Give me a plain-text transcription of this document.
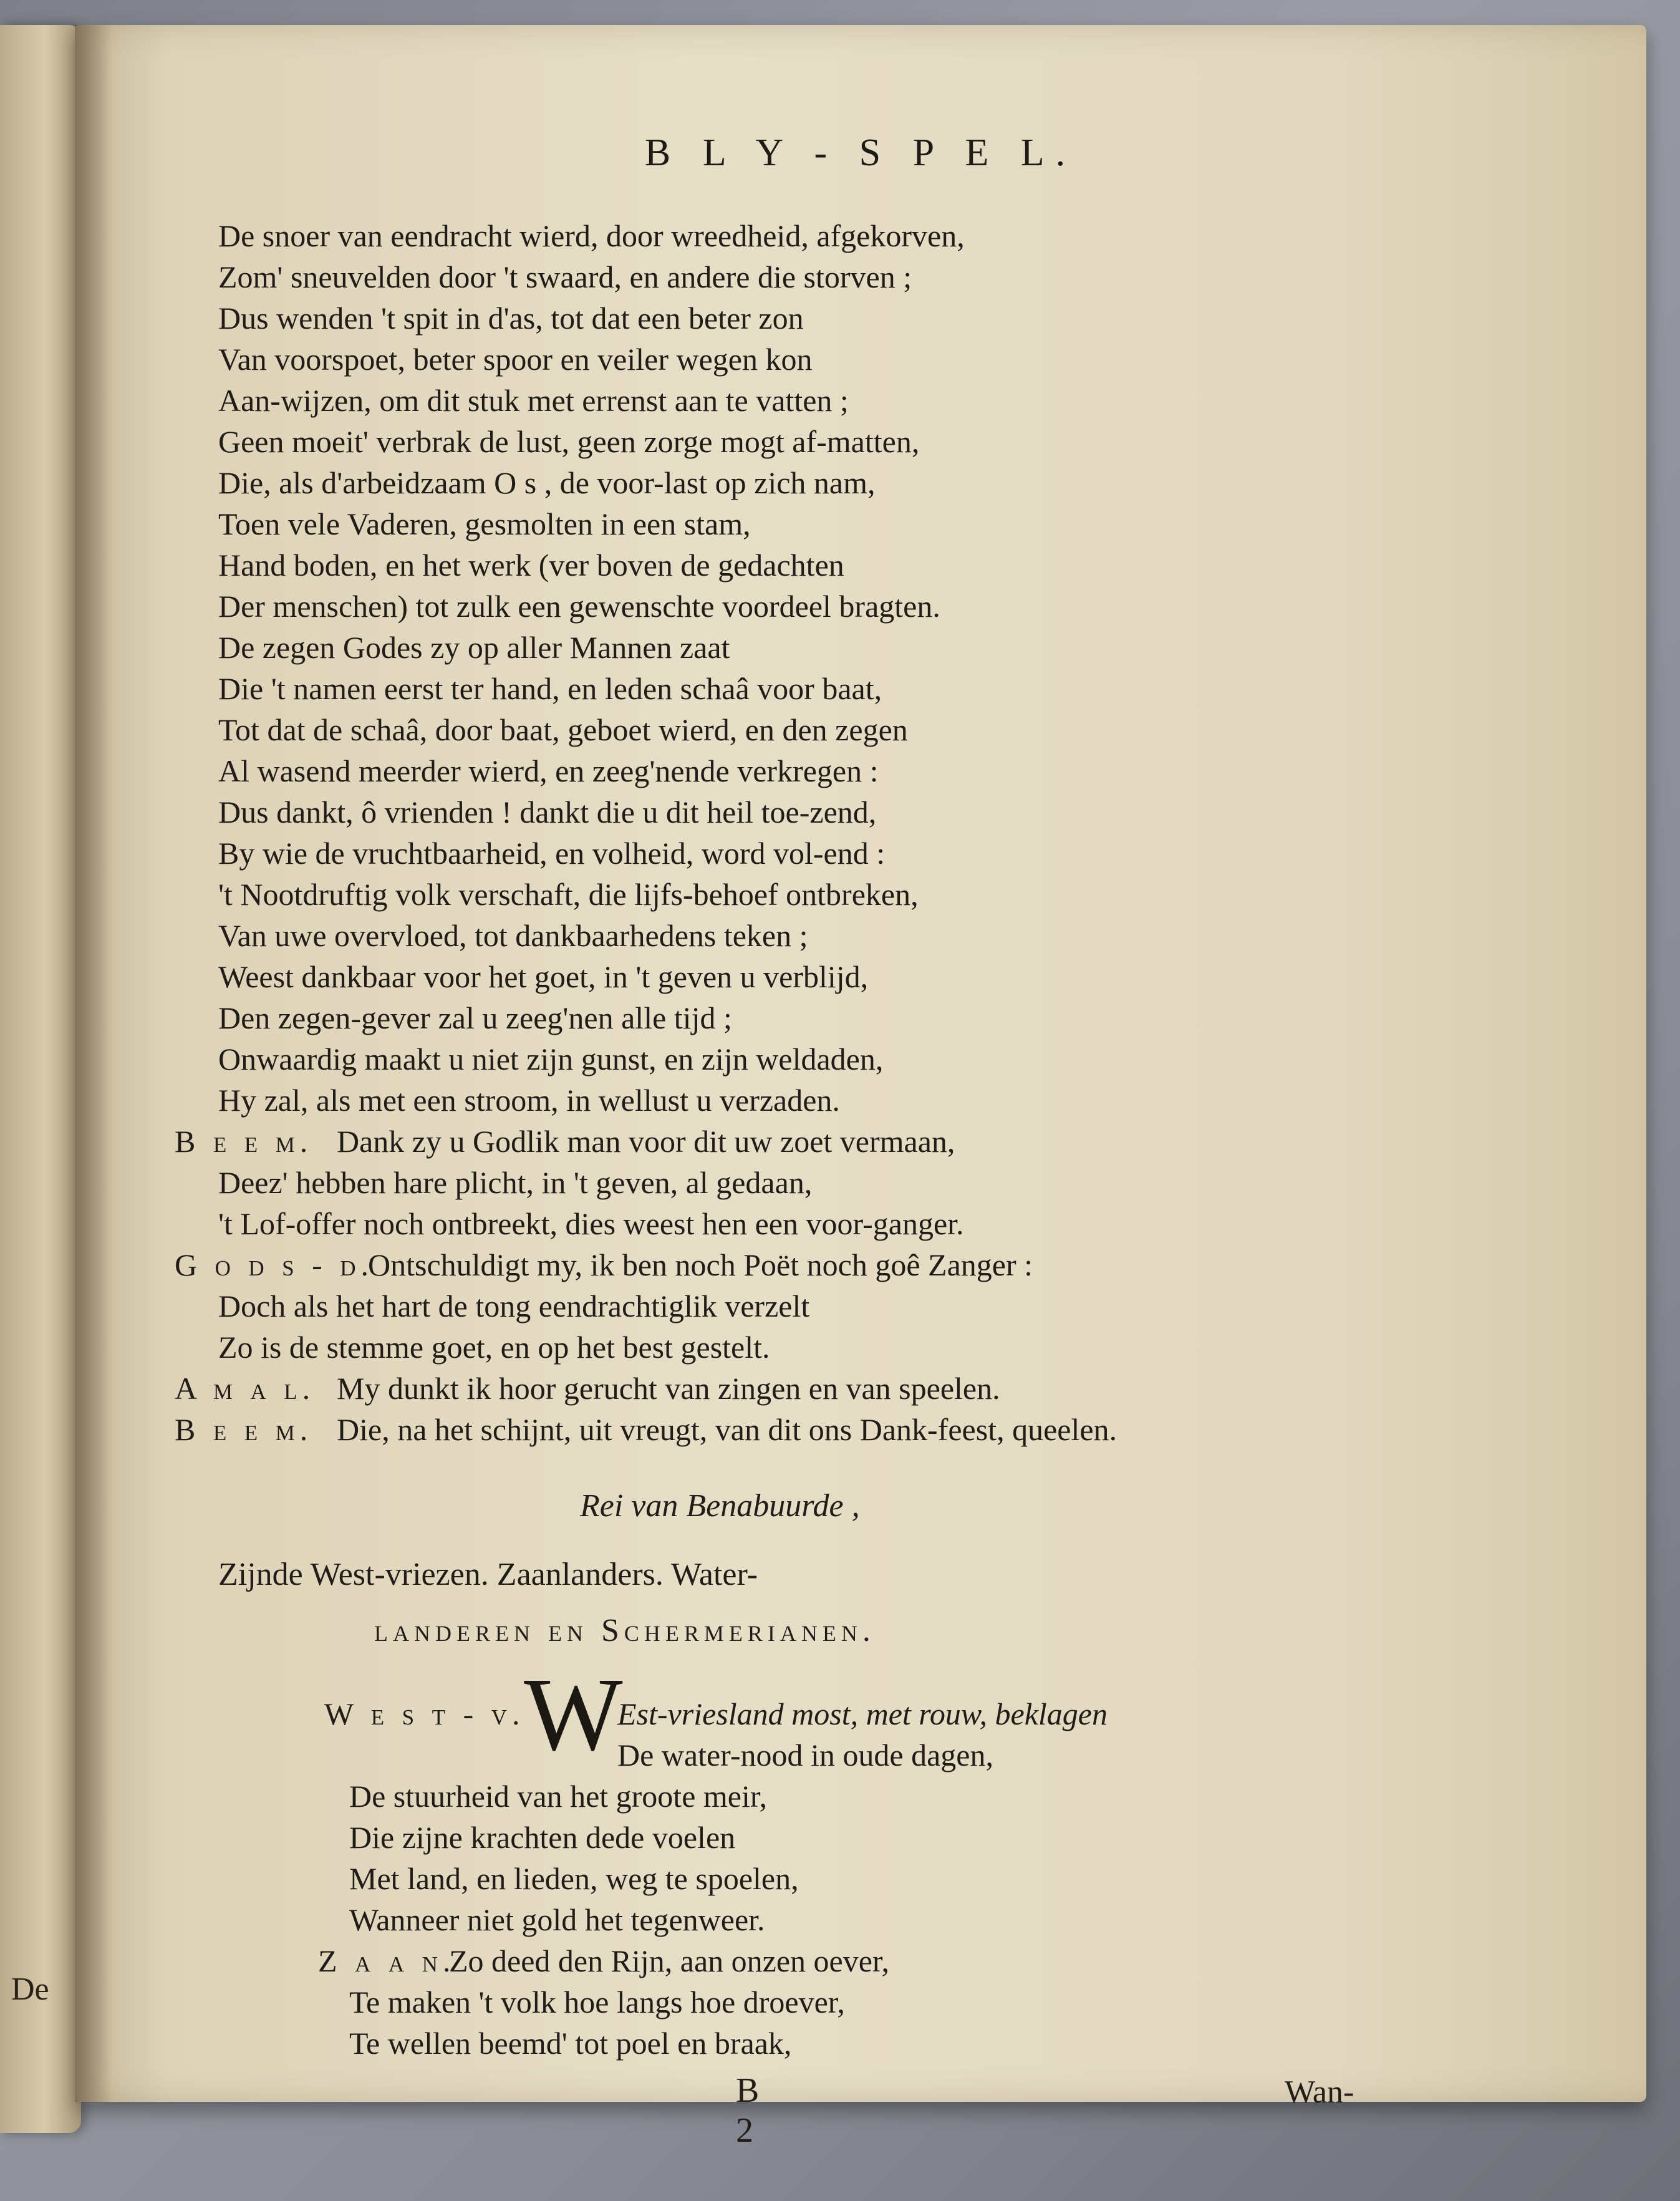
De
B L Y - S P E L.
De snoer van eendracht wierd, door wreedheid, afgekorven,
Zom' sneuvelden door 't swaard, en andere die storven ;
Dus wenden 't spit in d'as, tot dat een beter zon
Van voorspoet, beter spoor en veiler wegen kon
Aan-wijzen, om dit stuk met errenst aan te vatten ;
Geen moeit' verbrak de lust, geen zorge mogt af-matten,
Die, als d'arbeidzaam O s , de voor-last op zich nam,
Toen vele Vaderen, gesmolten in een stam,
Hand boden, en het werk (ver boven de gedachten
Der menschen) tot zulk een gewenschte voordeel bragten.
De zegen Godes zy op aller Mannen zaat
Die 't namen eerst ter hand, en leden schaâ voor baat,
Tot dat de schaâ, door baat, geboet wierd, en den zegen
Al wasend meerder wierd, en zeeg'nende verkregen :
Dus dankt, ô vrienden ! dankt die u dit heil toe-zend,
By wie de vruchtbaarheid, en volheid, word vol-end :
't Nootdruftig volk verschaft, die lijfs-behoef ontbreken,
Van uwe overvloed, tot dankbaarhedens teken ;
Weest dankbaar voor het goet, in 't geven u verblijd,
Den zegen-gever zal u zeeg'nen alle tijd ;
Onwaardig maakt u niet zijn gunst, en zijn weldaden,
Hy zal, als met een stroom, in wellust u verzaden.
B e e m. Dank zy u Godlik man voor dit uw zoet vermaan,
Deez' hebben hare plicht, in 't geven, al gedaan,
't Lof-offer noch ontbreekt, dies weest hen een voor-ganger.
G o d s - d.
Ontschuldigt my, ik ben noch Poët noch goê Zanger :
Doch als het hart de tong eendrachtiglik verzelt
Zo is de stemme goet, en op het best gestelt.
A m a l. My dunkt ik hoor gerucht van zingen en van speelen.
B e e m. Die, na het schijnt, uit vreugt, van dit ons Dank-feest, queelen.
Rei van Benabuurde ,
Zijnde West-vriezen. Zaanlanders. Water-
landeren en Schermerianen.
W e s t - v.
W
Est-vriesland most, met rouw, beklagen
De water-nood in oude dagen,
De stuurheid van het groote meir,
Die zijne krachten dede voelen
Met land, en lieden, weg te spoelen,
Wanneer niet gold het tegenweer.
Z a a n.
Zo deed den Rijn, aan onzen oever,
Te maken 't volk hoe langs hoe droever,
Te wellen beemd' tot poel en braak,
B 2
Wan-
